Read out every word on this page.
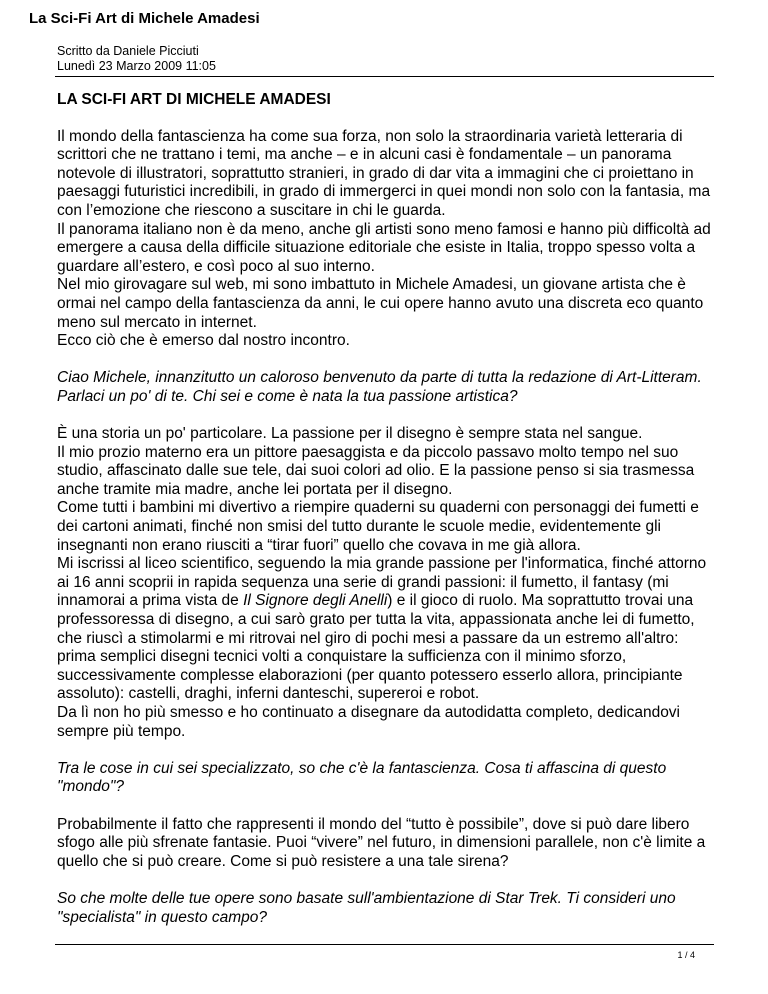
La Sci-Fi Art di Michele Amadesi
Scritto da Daniele Picciuti
Lunedì 23 Marzo 2009 11:05
LA SCI-FI ART DI MICHELE AMADESI
Il mondo della fantascienza ha come sua forza, non solo la straordinaria varietà letteraria di scrittori che ne trattano i temi, ma anche – e in alcuni casi è fondamentale – un panorama notevole di illustratori, soprattutto stranieri, in grado di dar vita a immagini che ci proiettano in paesaggi futuristici incredibili, in grado di immergerci in quei mondi non solo con la fantasia, ma con l’emozione che riescono a suscitare in chi le guarda.
Il panorama italiano non è da meno, anche gli artisti sono meno famosi e hanno più difficoltà ad emergere a causa della difficile situazione editoriale che esiste in Italia, troppo spesso volta a guardare all’estero, e così poco al suo interno.
Nel mio girovagare sul web, mi sono imbattuto in Michele Amadesi, un giovane artista che è ormai nel campo della fantascienza da anni, le cui opere hanno avuto una discreta eco quanto meno sul mercato in internet.
Ecco ciò che è emerso dal nostro incontro.
Ciao Michele, innanzitutto un caloroso benvenuto da parte di tutta la redazione di Art-Litteram.
Parlaci un po' di te. Chi sei e come è nata la tua passione artistica?
È una storia un po' particolare. La passione per il disegno è sempre stata nel sangue.
Il mio prozio materno era un pittore paesaggista e da piccolo passavo molto tempo nel suo studio, affascinato dalle sue tele, dai suoi colori ad olio. E la passione penso si sia trasmessa anche tramite mia madre, anche lei portata per il disegno.
Come tutti i bambini mi divertivo a riempire quaderni su quaderni con personaggi dei fumetti e dei cartoni animati, finché non smisi del tutto durante le scuole medie, evidentemente gli insegnanti non erano riusciti a “tirar fuori” quello che covava in me già allora.
Mi iscrissi al liceo scientifico, seguendo la mia grande passione per l'informatica, finché attorno ai 16 anni scoprii in rapida sequenza una serie di grandi passioni: il fumetto, il fantasy (mi innamorai a prima vista de Il Signore degli Anelli) e il gioco di ruolo. Ma soprattutto trovai una professoressa di disegno, a cui sarò grato per tutta la vita, appassionata anche lei di fumetto, che riuscì a stimolarmi e mi ritrovai nel giro di pochi mesi a passare da un estremo all'altro: prima semplici disegni tecnici volti a conquistare la sufficienza con il minimo sforzo, successivamente complesse elaborazioni (per quanto potessero esserlo allora, principiante assoluto): castelli, draghi, inferni danteschi, supereroi e robot.
Da lì non ho più smesso e ho continuato a disegnare da autodidatta completo, dedicandovi sempre più tempo.
Tra le cose in cui sei specializzato, so che c'è la fantascienza. Cosa ti affascina di questo "mondo"?
Probabilmente il fatto che rappresenti il mondo del “tutto è possibile”, dove si può dare libero sfogo alle più sfrenate fantasie. Puoi “vivere” nel futuro, in dimensioni parallele, non c'è limite a quello che si può creare. Come si può resistere a una tale sirena?
So che molte delle tue opere sono basate sull'ambientazione di Star Trek. Ti consideri uno "specialista" in questo campo?
1 / 4
